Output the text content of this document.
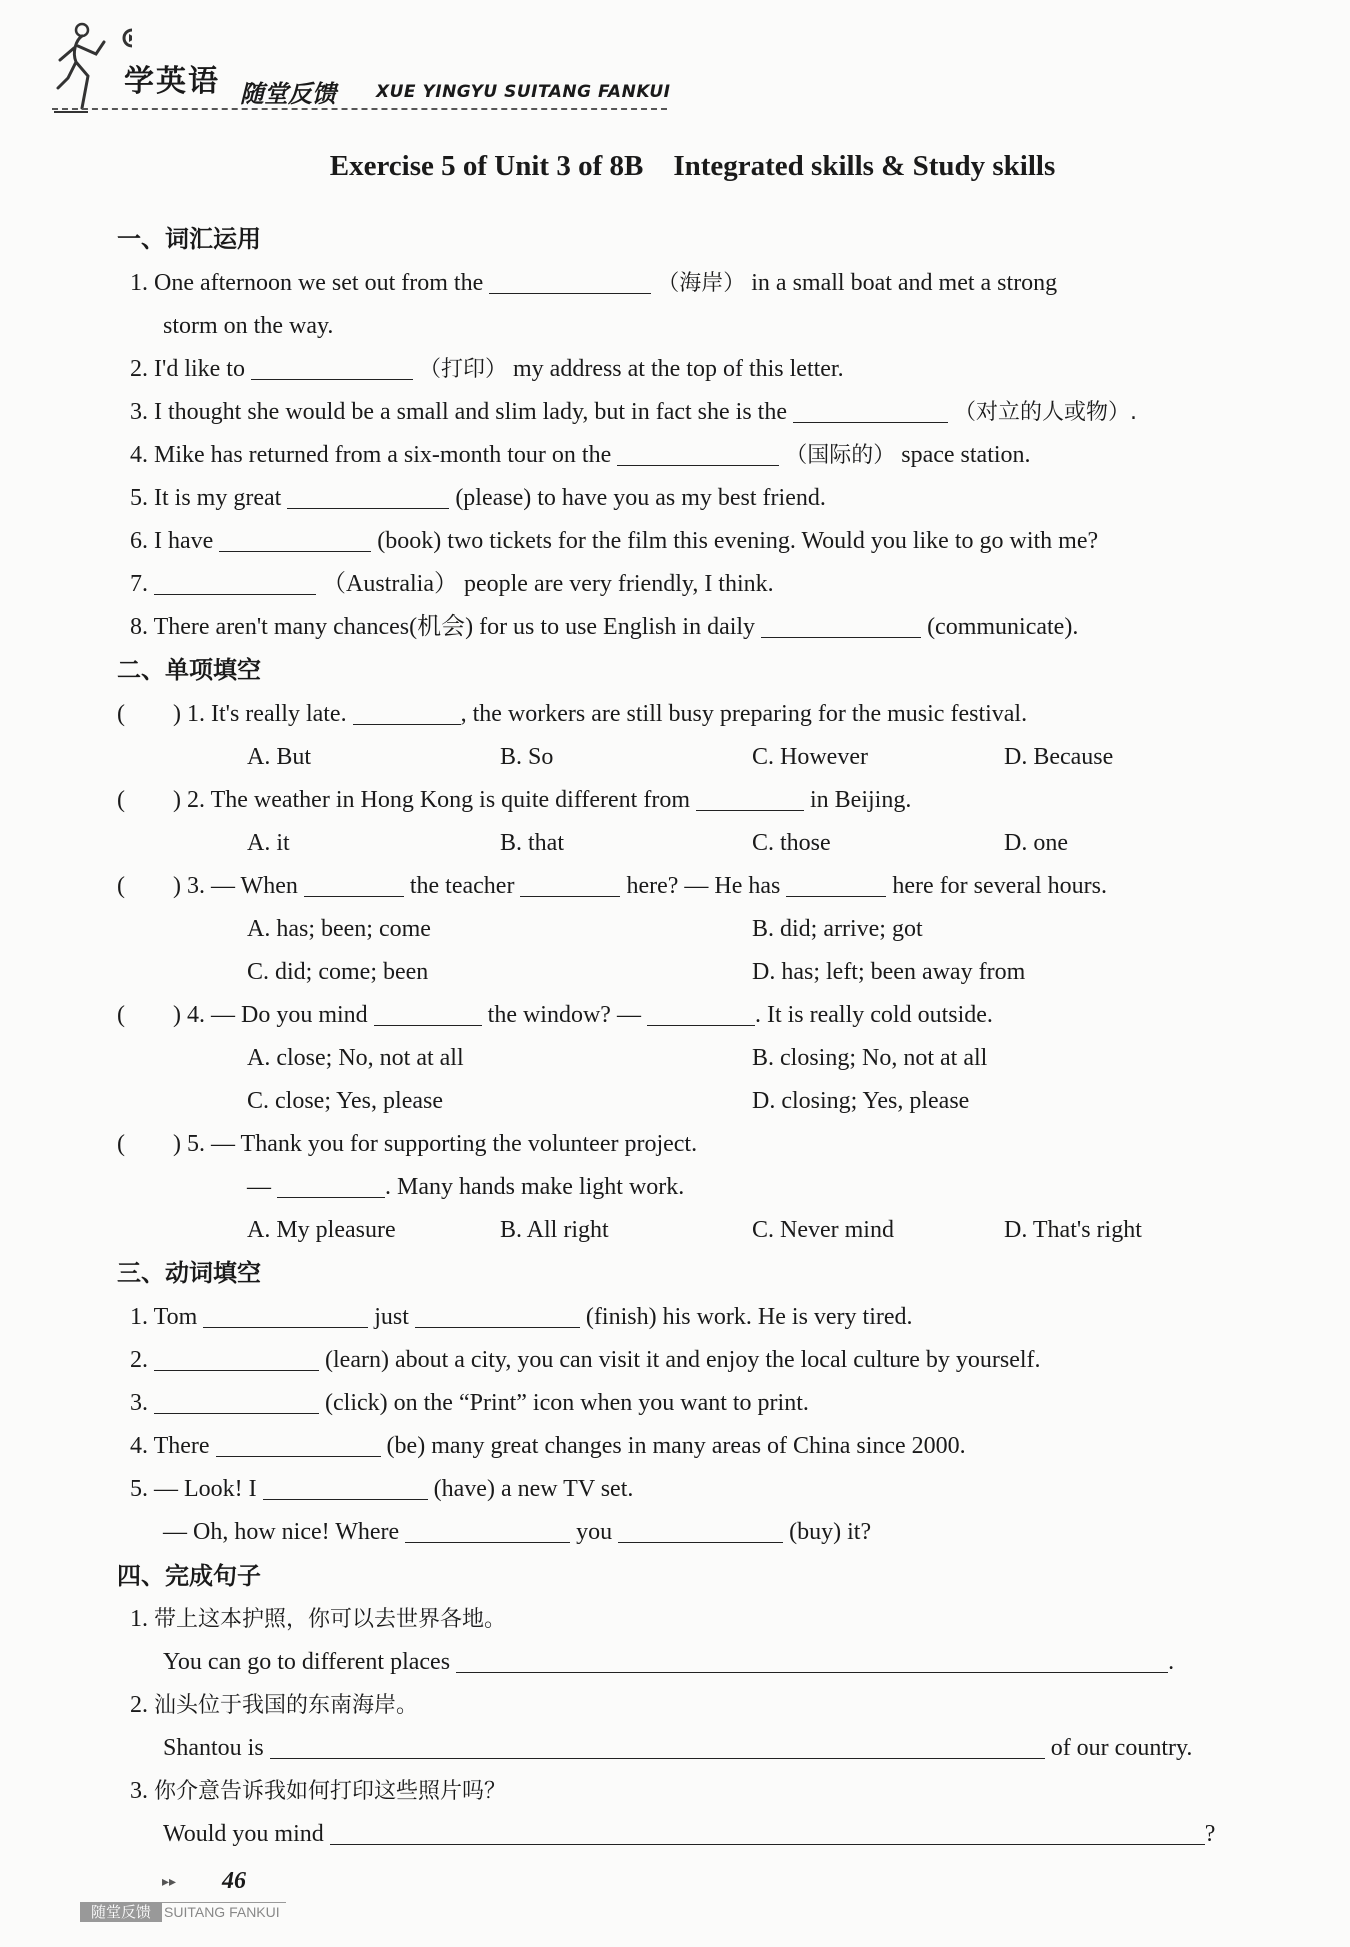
学英语 随堂反馈 XUE YINGYU SUITANG FANKUI
Exercise 5 of Unit 3 of 8B Integrated skills & Study skills
一、词汇运用
1. One afternoon we set out from the	（海岸） in a small boat and met a strong
storm on the way.
2. I'd like to	（打印） my address at the top of this letter.
3. I thought she would be a small and slim lady, but in fact she is the	（对立的人或物）.
4. Mike has returned from a six-month tour on the	（国际的） space station.
5. It is my great	(please) to have you as my best friend.
6. I have	(book) two tickets for the film this evening. Would you like to go with me?
7.	（Australia） people are very friendly, I think.
8. There aren't many chances(机会) for us to use English in daily	(communicate).
二、单项填空
(　　) 1. It's really late.	, the workers are still busy preparing for the music festival.
A. But	B. So	C. However	D. Because
(　　) 2. The weather in Hong Kong is quite different from	in Beijing.
A. it	B. that	C. those	D. one
(　　) 3. — When	the teacher	here? — He has	here for several hours.
A. has; been; come	B. did; arrive; got
C. did; come; been	D. has; left; been away from
(　　) 4. — Do you mind	the window? —	. It is really cold outside.
A. close; No, not at all	B. closing; No, not at all
C. close; Yes, please	D. closing; Yes, please
(　　) 5. — Thank you for supporting the volunteer project.
—	. Many hands make light work.
A. My pleasure	B. All right	C. Never mind	D. That's right
三、动词填空
1. Tom	just	(finish) his work. He is very tired.
2.	(learn) about a city, you can visit it and enjoy the local culture by yourself.
3.	(click) on the “Print” icon when you want to print.
4. There	(be) many great changes in many areas of China since 2000.
5. — Look! I	(have) a new TV set.
— Oh, how nice! Where	you	(buy) it?
四、完成句子
1. 带上这本护照，你可以去世界各地。
You can go to different places	.
2. 汕头位于我国的东南海岸。
Shantou is	of our country.
3. 你介意告诉我如何打印这些照片吗？
Would you mind	?
▸▸ 46
随堂反馈 SUITANG FANKUI
